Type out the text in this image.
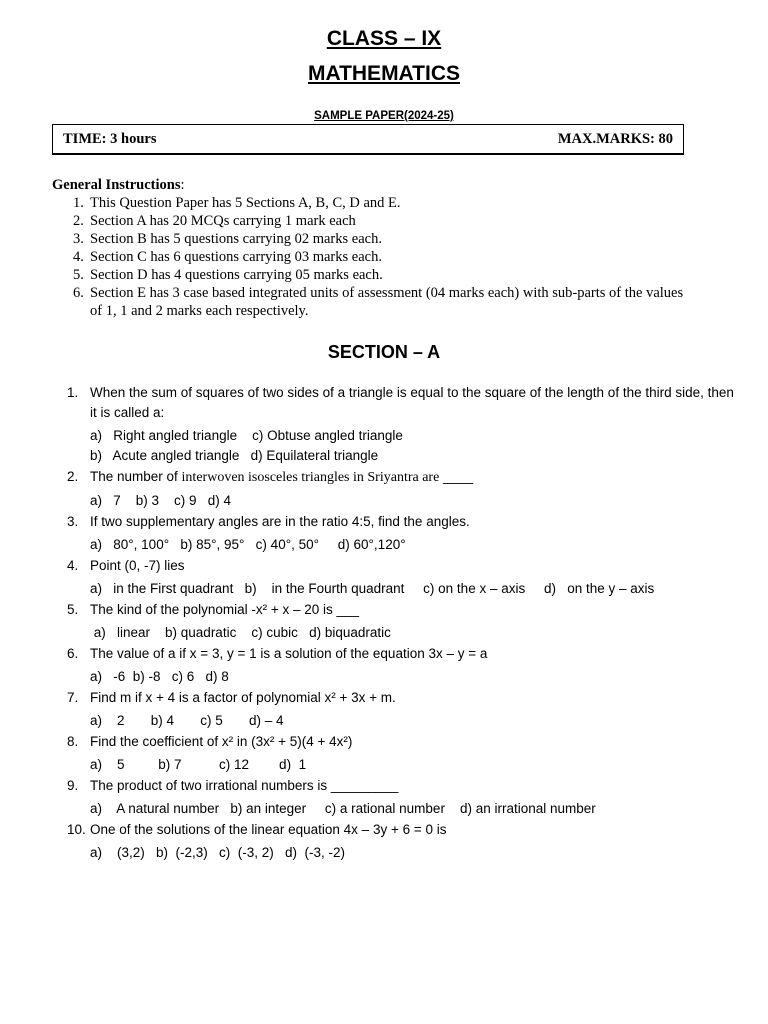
CLASS – IX
MATHEMATICS
SAMPLE PAPER(2024-25)
TIME: 3 hours	MAX.MARKS: 80
General Instructions:
1. This Question Paper has 5 Sections A, B, C, D and E.
2. Section A has 20 MCQs carrying 1 mark each
3. Section B has 5 questions carrying 02 marks each.
4. Section C has 6 questions carrying 03 marks each.
5. Section D has 4 questions carrying 05 marks each.
6. Section E has 3 case based integrated units of assessment (04 marks each) with sub-parts of the values of 1, 1 and 2 marks each respectively.
SECTION – A
1. When the sum of squares of two sides of a triangle is equal to the square of the length of the third side, then it is called a:
a)   Right angled triangle    c) Obtuse angled triangle
b)   Acute angled triangle   d) Equilateral triangle
2. The number of interwoven isosceles triangles in Sriyantra are ____
a)   7    b) 3    c) 9   d) 4
3. If two supplementary angles are in the ratio 4:5, find the angles.
a)   80°, 100°   b) 85°, 95°   c) 40°, 50°     d) 60°,120°
4. Point (0, -7) lies
a)   in the First quadrant   b)    in the Fourth quadrant     c) on the x – axis     d)   on the y – axis
5. The kind of the polynomial -x² + x – 20 is ___
a)   linear    b) quadratic    c) cubic   d) biquadratic
6. The value of a if x = 3, y = 1 is a solution of the equation 3x – y = a
a)   -6  b) -8   c) 6   d) 8
7. Find m if x + 4 is a factor of polynomial x² + 3x + m.
a)    2       b) 4       c) 5       d) – 4
8. Find the coefficient of x² in (3x² + 5)(4 + 4x²)
a)    5         b) 7          c) 12        d)  1
9. The product of two irrational numbers is _________
a)    A natural number   b) an integer     c) a rational number    d) an irrational number
10. One of the solutions of the linear equation 4x – 3y + 6 = 0 is
a)    (3,2)   b)  (-2,3)   c)  (-3, 2)   d)  (-3, -2)
